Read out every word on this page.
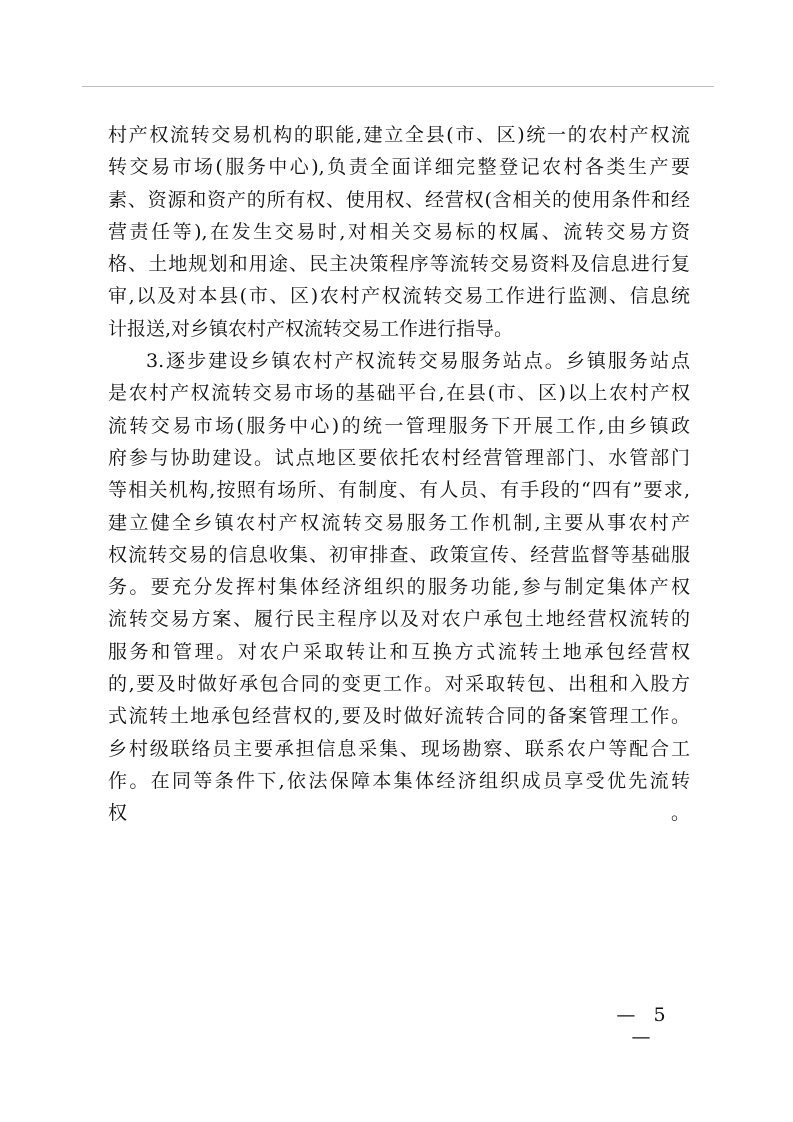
村产权流转交易机构的职能,建立全县(市、区)统一的农村产权流
转交易市场(服务中心),负责全面详细完整登记农村各类生产要
素、资源和资产的所有权、使用权、经营权(含相关的使用条件和经
营责任等),在发生交易时,对相关交易标的权属、流转交易方资
格、土地规划和用途、民主决策程序等流转交易资料及信息进行复
审,以及对本县(市、区)农村产权流转交易工作进行监测、信息统
计报送,对乡镇农村产权流转交易工作进行指导。
3.逐步建设乡镇农村产权流转交易服务站点。乡镇服务站点
是农村产权流转交易市场的基础平台,在县(市、区)以上农村产权
流转交易市场(服务中心)的统一管理服务下开展工作,由乡镇政
府参与协助建设。试点地区要依托农村经营管理部门、水管部门
等相关机构,按照有场所、有制度、有人员、有手段的“四有”要求,
建立健全乡镇农村产权流转交易服务工作机制,主要从事农村产
权流转交易的信息收集、初审排查、政策宣传、经营监督等基础服
务。要充分发挥村集体经济组织的服务功能,参与制定集体产权
流转交易方案、履行民主程序以及对农户承包土地经营权流转的
服务和管理。对农户采取转让和互换方式流转土地承包经营权
的,要及时做好承包合同的变更工作。对采取转包、出租和入股方
式流转土地承包经营权的,要及时做好流转合同的备案管理工作。
乡村级联络员主要承担信息采集、现场勘察、联系农户等配合工
作。在同等条件下,依法保障本集体经济组织成员享受优先流转
权。
— 5 —
